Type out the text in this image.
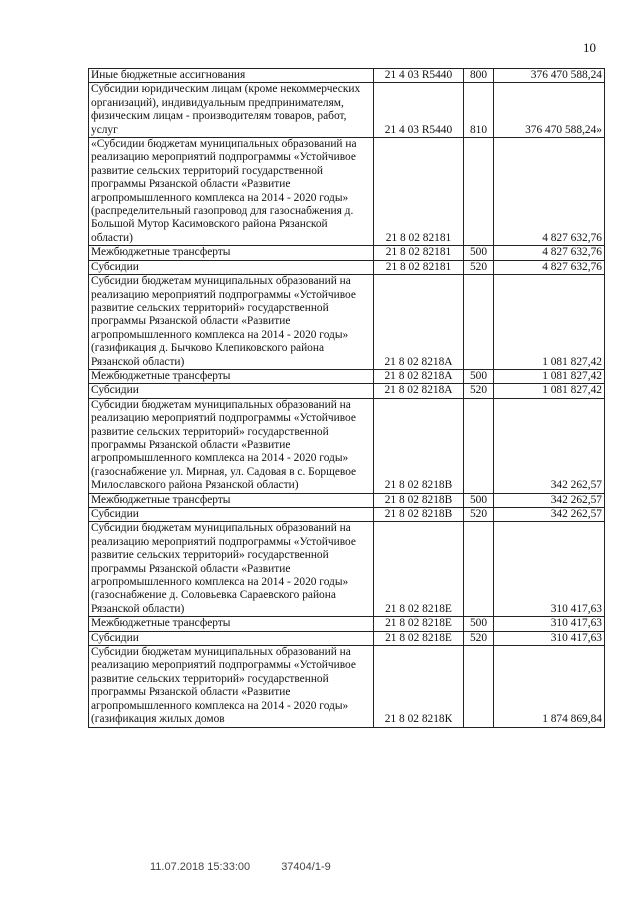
10
Иные бюджетные ассигнования	21 4 03 R5440	800	376 470 588,24
Субсидии юридическим лицам (кроме некоммерческих организаций), индивидуальным предпринимателям, физическим лицам - производителям товаров, работ, услуг	21 4 03 R5440	810	376 470 588,24»
«Субсидии бюджетам муниципальных образований на реализацию мероприятий подпрограммы «Устойчивое развитие сельских территорий государственной программы Рязанской области «Развитие агропромышленного комплекса на 2014 - 2020 годы» (распределительный газопровод для газоснабжения д. Большой Мутор Касимовского района Рязанской области)	21 8 02 82181		4 827 632,76
Межбюджетные трансферты	21 8 02 82181	500	4 827 632,76
Субсидии	21 8 02 82181	520	4 827 632,76
Субсидии бюджетам муниципальных образований на реализацию мероприятий подпрограммы «Устойчивое развитие сельских территорий» государственной программы Рязанской области «Развитие агропромышленного комплекса на 2014 - 2020 годы» (газификация д. Бычково Клепиковского района Рязанской области)	21 8 02 8218А		1 081 827,42
Межбюджетные трансферты	21 8 02 8218А	500	1 081 827,42
Субсидии	21 8 02 8218А	520	1 081 827,42
Субсидии бюджетам муниципальных образований на реализацию мероприятий подпрограммы «Устойчивое развитие сельских территорий» государственной программы Рязанской области «Развитие агропромышленного комплекса на 2014 - 2020 годы» (газоснабжение ул. Мирная, ул. Садовая в с. Борщевое Милославского района Рязанской области)	21 8 02 8218В		342 262,57
Межбюджетные трансферты	21 8 02 8218В	500	342 262,57
Субсидии	21 8 02 8218В	520	342 262,57
Субсидии бюджетам муниципальных образований на реализацию мероприятий подпрограммы «Устойчивое развитие сельских территорий» государственной программы Рязанской области «Развитие агропромышленного комплекса на 2014 - 2020 годы» (газоснабжение д. Соловьевка Сараевского района Рязанской области)	21 8 02 8218Е		310 417,63
Межбюджетные трансферты	21 8 02 8218Е	500	310 417,63
Субсидии	21 8 02 8218Е	520	310 417,63
Субсидии бюджетам муниципальных образований на реализацию мероприятий подпрограммы «Устойчивое развитие сельских территорий» государственной программы Рязанской области «Развитие агропромышленного комплекса на 2014 - 2020 годы» (газификация жилых домов	21 8 02 8218К		1 874 869,84
11.07.2018 15:33:00	37404/1-9
